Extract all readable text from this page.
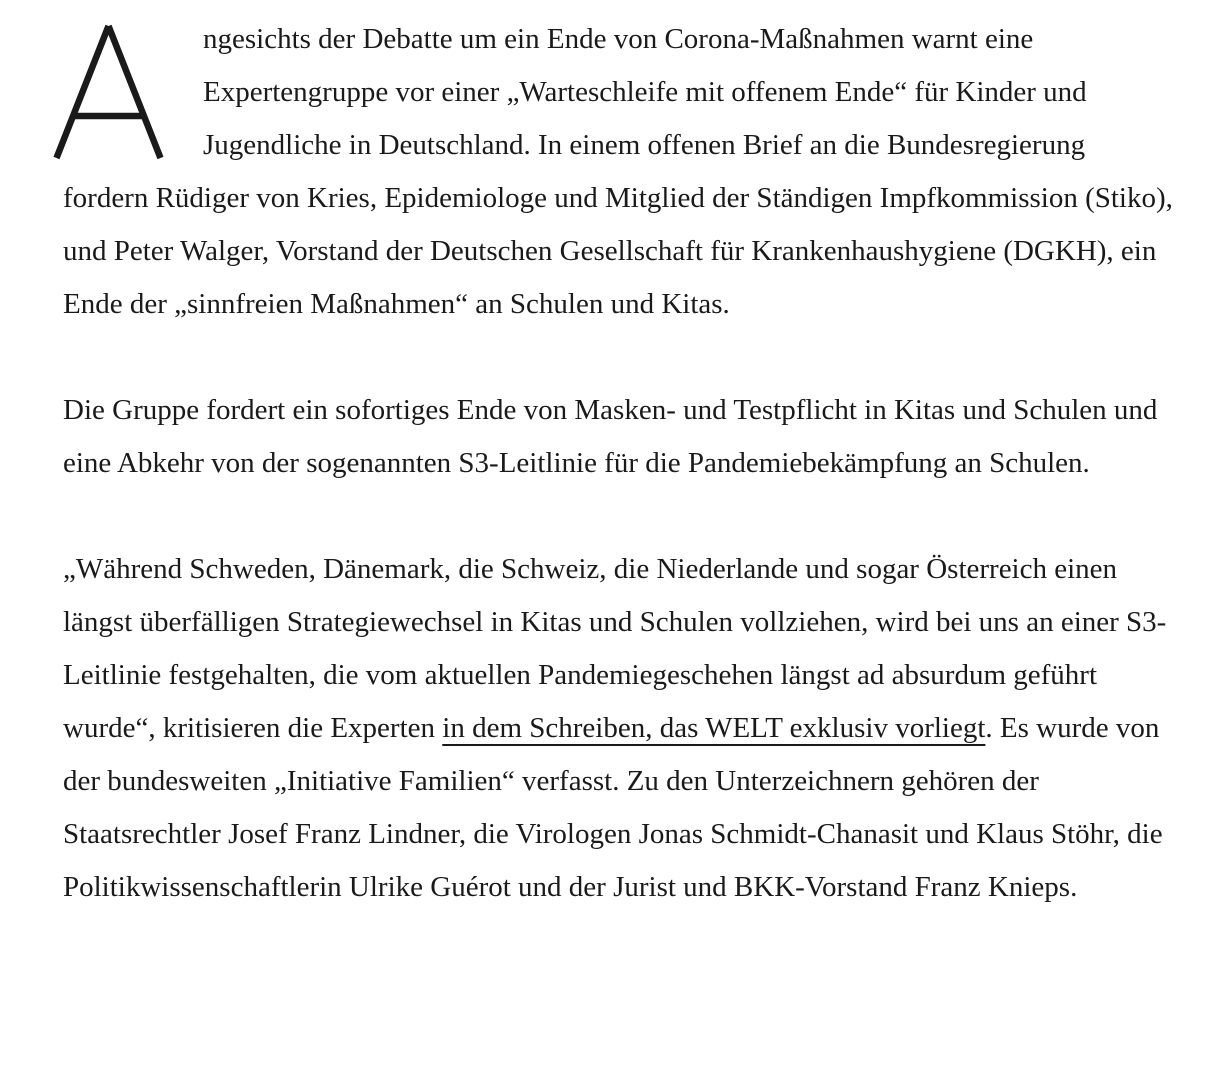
ngesichts der Debatte um ein Ende von Corona-Maßnahmen warnt eine Expertengruppe vor einer „Warteschleife mit offenem Ende“ für Kinder und Jugendliche in Deutschland. In einem offenen Brief an die Bundesregierung fordern Rüdiger von Kries, Epidemiologe und Mitglied der Ständigen Impfkommission (Stiko), und Peter Walger, Vorstand der Deutschen Gesellschaft für Krankenhaushygiene (DGKH), ein Ende der „sinnfreien Maßnahmen“ an Schulen und Kitas.

Die Gruppe fordert ein sofortiges Ende von Masken- und Testpflicht in Kitas und Schulen und eine Abkehr von der sogenannten S3-Leitlinie für die Pandemiebekämpfung an Schulen.

„Während Schweden, Dänemark, die Schweiz, die Niederlande und sogar Österreich einen längst überfälligen Strategiewechsel in Kitas und Schulen vollziehen, wird bei uns an einer S3-Leitlinie festgehalten, die vom aktuellen Pandemiegeschehen längst ad absurdum geführt wurde“, kritisieren die Experten in dem Schreiben, das WELT exklusiv vorliegt. Es wurde von der bundesweiten „Initiative Familien“ verfasst. Zu den Unterzeichnern gehören der Staatsrechtler Josef Franz Lindner, die Virologen Jonas Schmidt-Chanasit und Klaus Stöhr, die Politikwissenschaftlerin Ulrike Guérot und der Jurist und BKK-Vorstand Franz Knieps.
